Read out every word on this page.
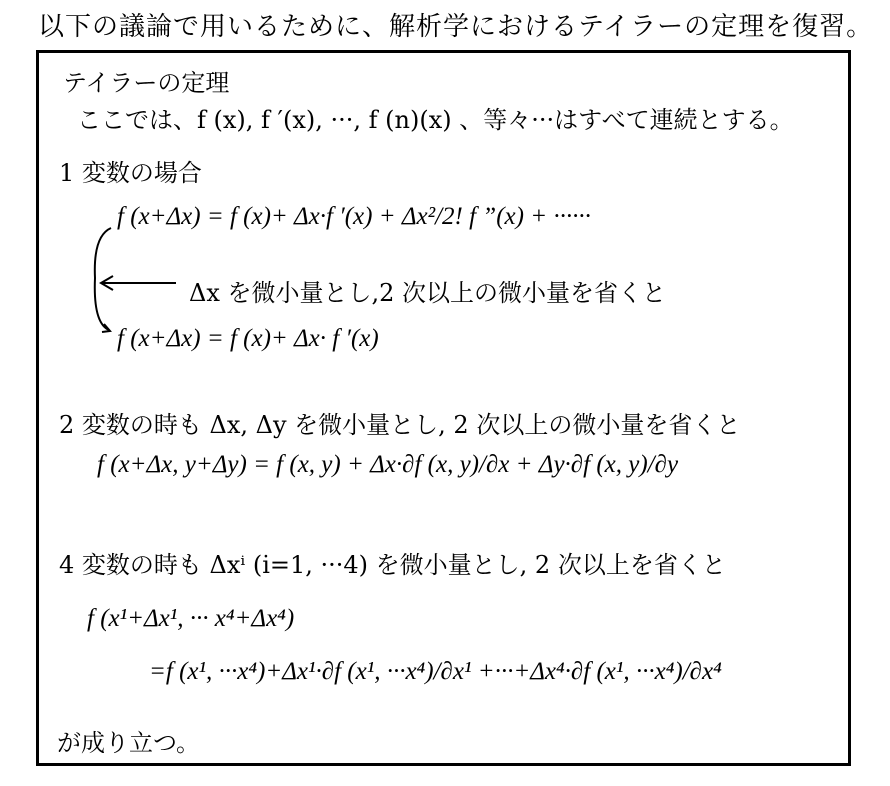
以下の議論で用いるために、解析学におけるテイラーの定理を復習。
テイラーの定理
ここでは、f (x), f ′(x), ···, f (n)(x) 、等々···はすべて連続とする。
1 変数の場合
f (x+Δx) = f (x)+ Δx·f ′(x) + Δx²/2! f ”(x) + ······
Δx を微小量とし,2 次以上の微小量を省くと
f (x+Δx) = f (x)+ Δx· f ′(x)
2 変数の時も Δx, Δy を微小量とし, 2 次以上の微小量を省くと
f (x+Δx, y+Δy) = f (x, y) + Δx·∂f (x, y)/∂x + Δy·∂f (x, y)/∂y
4 変数の時も Δxⁱ (i=1, ···4) を微小量とし, 2 次以上を省くと
f (x¹+Δx¹, ··· x⁴+Δx⁴)
=f (x¹, ···x⁴)+Δx¹·∂f (x¹, ···x⁴)/∂x¹ +···+Δx⁴·∂f (x¹, ···x⁴)/∂x⁴
が成り立つ。
